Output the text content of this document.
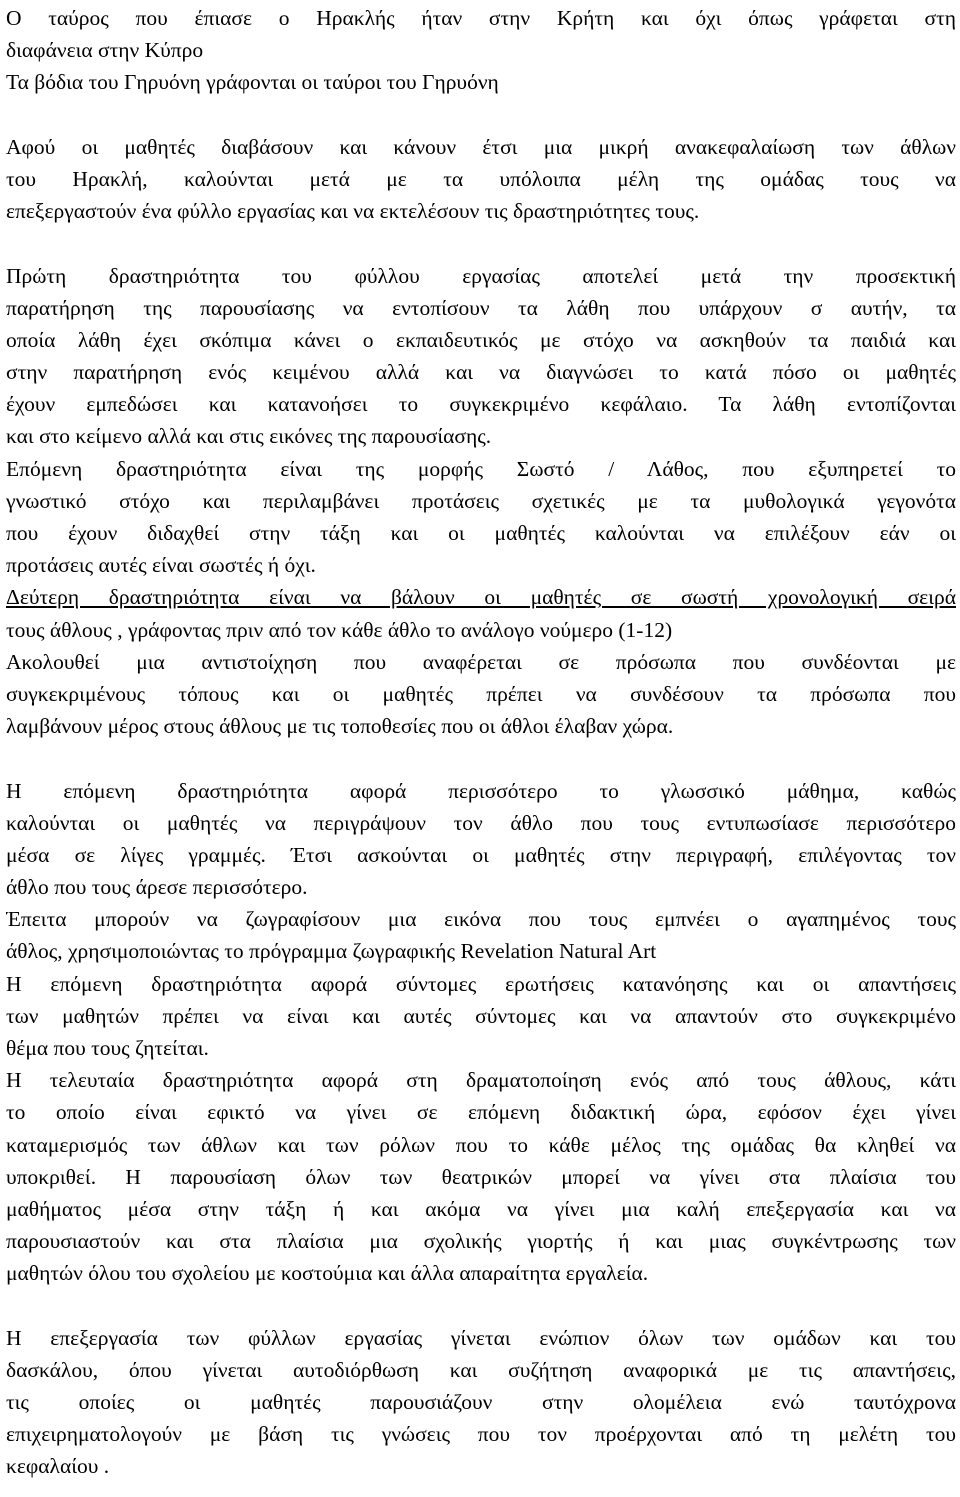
Ο ταύρος που έπιασε ο Ηρακλής ήταν στην Κρήτη και όχι όπως γράφεται στη
διαφάνεια στην Κύπρο
Τα βόδια του Γηρυόνη γράφονται οι ταύροι του Γηρυόνη
Αφού οι μαθητές διαβάσουν και κάνουν έτσι μια μικρή ανακεφαλαίωση των άθλων
του Ηρακλή, καλούνται μετά με τα υπόλοιπα μέλη της ομάδας τους να
επεξεργαστούν ένα φύλλο εργασίας και να εκτελέσουν τις δραστηριότητες τους.
Πρώτη δραστηριότητα του φύλλου εργασίας αποτελεί μετά την προσεκτική
παρατήρηση της παρουσίασης να εντοπίσουν τα λάθη που υπάρχουν σ αυτήν, τα
οποία λάθη έχει σκόπιμα κάνει ο εκπαιδευτικός με στόχο να ασκηθούν τα παιδιά και
στην παρατήρηση ενός κειμένου αλλά και να διαγνώσει το κατά πόσο οι μαθητές
έχουν εμπεδώσει και κατανοήσει το συγκεκριμένο κεφάλαιο. Τα λάθη εντοπίζονται
και στο κείμενο αλλά και στις εικόνες της παρουσίασης.
Επόμενη δραστηριότητα είναι της μορφής Σωστό / Λάθος, που εξυπηρετεί το
γνωστικό στόχο και περιλαμβάνει προτάσεις σχετικές με τα μυθολογικά γεγονότα
που έχουν διδαχθεί στην τάξη και οι μαθητές καλούνται να επιλέξουν εάν οι
προτάσεις αυτές είναι σωστές ή όχι.
Δεύτερη δραστηριότητα είναι να βάλουν οι μαθητές σε σωστή χρονολογική σειρά
τους άθλους , γράφοντας πριν από τον κάθε άθλο το ανάλογο νούμερο (1-12)
Ακολουθεί μια αντιστοίχηση που αναφέρεται σε πρόσωπα που συνδέονται με
συγκεκριμένους τόπους και οι μαθητές πρέπει να συνδέσουν τα πρόσωπα που
λαμβάνουν μέρος στους άθλους με τις τοποθεσίες που οι άθλοι έλαβαν χώρα.
Η επόμενη δραστηριότητα αφορά περισσότερο το γλωσσικό μάθημα, καθώς
καλούνται οι μαθητές να περιγράψουν τον άθλο που τους εντυπωσίασε περισσότερο
μέσα σε λίγες γραμμές. Έτσι ασκούνται οι μαθητές στην περιγραφή, επιλέγοντας τον
άθλο που τους άρεσε περισσότερο.
Έπειτα μπορούν να ζωγραφίσουν μια εικόνα που τους εμπνέει ο αγαπημένος τους
άθλος, χρησιμοποιώντας το πρόγραμμα ζωγραφικής Revelation Natural Art
Η επόμενη δραστηριότητα αφορά σύντομες ερωτήσεις κατανόησης και οι απαντήσεις
των μαθητών πρέπει να είναι και αυτές σύντομες και να απαντούν στο συγκεκριμένο
θέμα που τους ζητείται.
Η τελευταία δραστηριότητα αφορά στη δραματοποίηση ενός από τους άθλους, κάτι
το οποίο είναι εφικτό να γίνει σε επόμενη διδακτική ώρα, εφόσον έχει γίνει
καταμερισμός των άθλων και των ρόλων που το κάθε μέλος της ομάδας θα κληθεί να
υποκριθεί. Η παρουσίαση όλων των θεατρικών μπορεί να γίνει στα πλαίσια του
μαθήματος μέσα στην τάξη ή και ακόμα να γίνει μια καλή επεξεργασία και να
παρουσιαστούν και στα πλαίσια μια σχολικής γιορτής ή και μιας συγκέντρωσης των
μαθητών όλου του σχολείου με κοστούμια και άλλα απαραίτητα εργαλεία.
Η επεξεργασία των φύλλων εργασίας γίνεται ενώπιον όλων των ομάδων και του
δασκάλου, όπου γίνεται αυτοδιόρθωση και συζήτηση αναφορικά με τις απαντήσεις,
τις οποίες οι μαθητές παρουσιάζουν στην ολομέλεια ενώ ταυτόχρονα
επιχειρηματολογούν με βάση τις γνώσεις που τον προέρχονται από τη μελέτη του
κεφαλαίου .
